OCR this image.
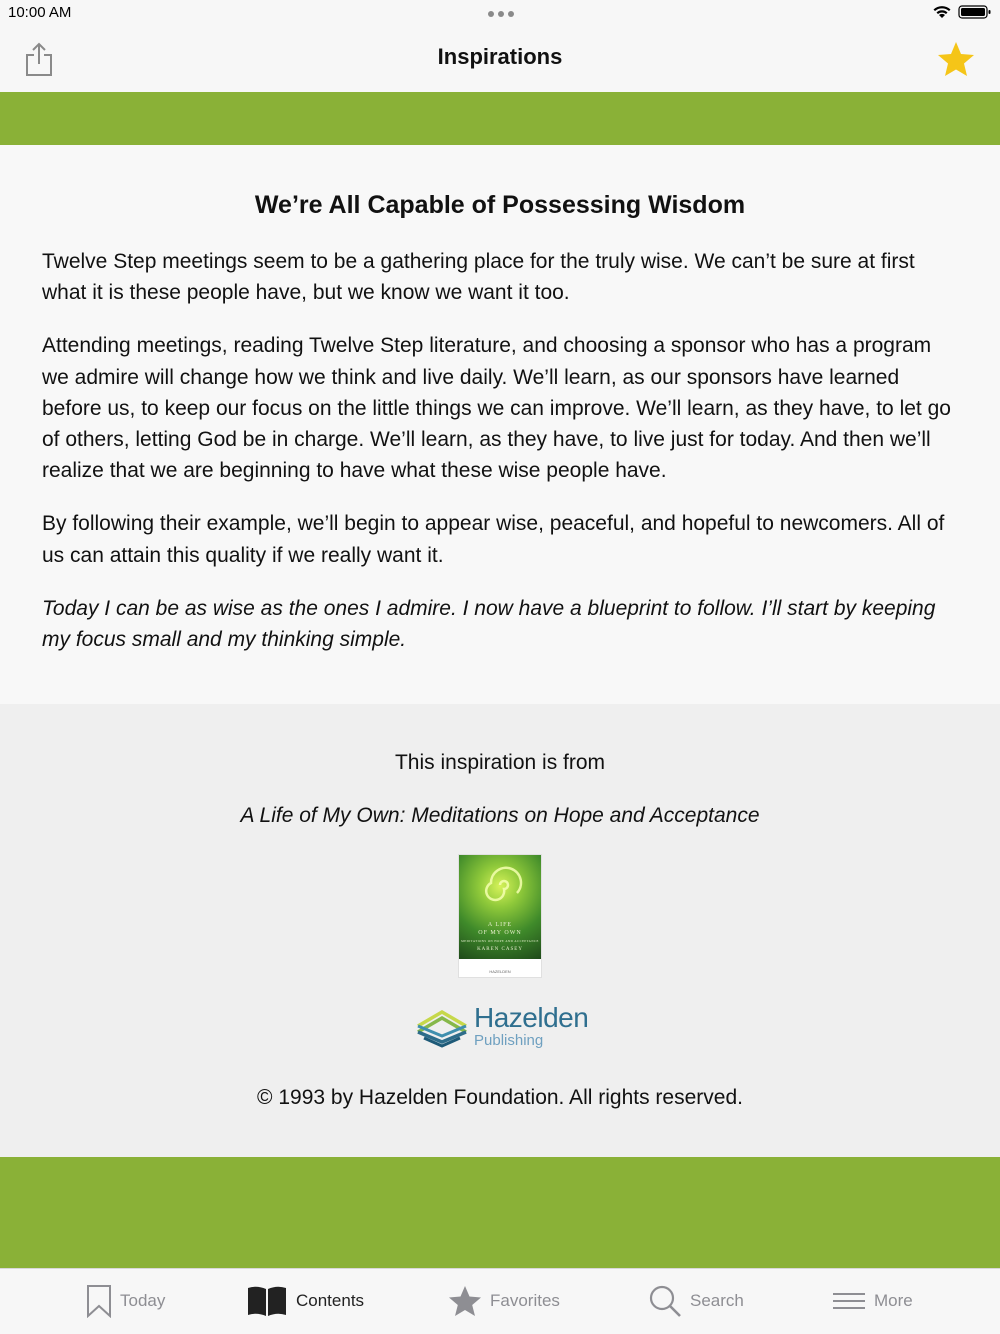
10:00 AM
Inspirations
We’re All Capable of Possessing Wisdom

Twelve Step meetings seem to be a gathering place for the truly wise. We can’t be sure at first what it is these people have, but we know we want it too.

Attending meetings, reading Twelve Step literature, and choosing a sponsor who has a program we admire will change how we think and live daily. We’ll learn, as our sponsors have learned before us, to keep our focus on the little things we can improve. We’ll learn, as they have, to let go of others, letting God be in charge. We’ll learn, as they have, to live just for today. And then we’ll realize that we are beginning to have what these wise people have.

By following their example, we’ll begin to appear wise, peaceful, and hopeful to newcomers. All of us can attain this quality if we really want it.

Today I can be as wise as the ones I admire. I now have a blueprint to follow. I’ll start by keeping my focus small and my thinking simple.

This inspiration is from
A Life of My Own: Meditations on Hope and Acceptance
A LIFE
OF MY OWN
MEDITATIONS ON HOPE AND ACCEPTANCE
KAREN CASEY
HAZELDEN
Hazelden
Publishing
© 1993 by Hazelden Foundation. All rights reserved.
Today	Contents	Favorites	Search	More
